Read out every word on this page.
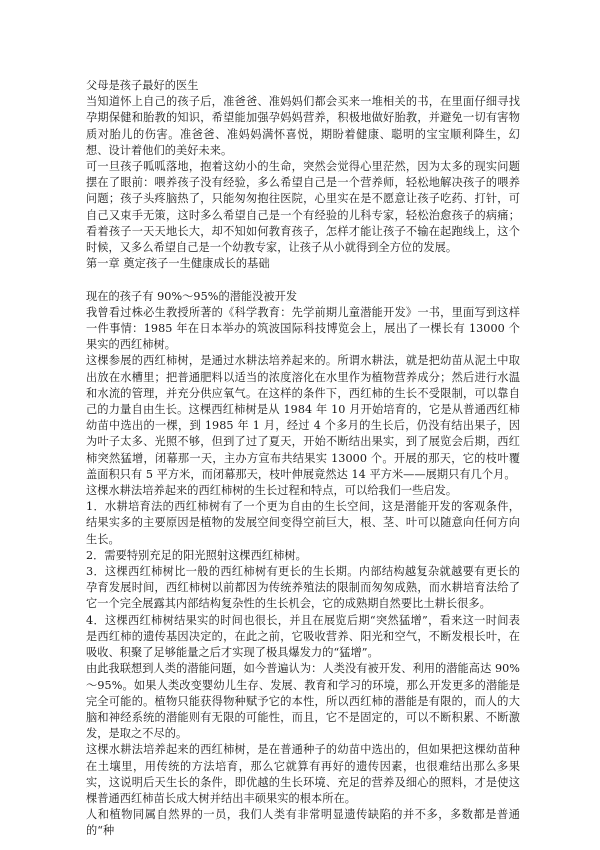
父母是孩子最好的医生

当知道怀上自己的孩子后，准爸爸、准妈妈们都会买来一堆相关的书，在里面仔细寻找孕期保健和胎教的知识，希望能加强孕妈妈营养，积极地做好胎教，并避免一切有害物质对胎儿的伤害。准爸爸、准妈妈满怀喜悦，期盼着健康、聪明的宝宝顺利降生，幻想、设计着他们的美好未来。

可一旦孩子呱呱落地，抱着这幼小的生命，突然会觉得心里茫然，因为太多的现实问题摆在了眼前：喂养孩子没有经验，多么希望自己是一个营养师，轻松地解决孩子的喂养问题；孩子头疼脑热了，只能匆匆抱往医院，心里实在是不愿意让孩子吃药、打针，可自己又束手无策，这时多么希望自己是一个有经验的儿科专家，轻松治愈孩子的病痛；看着孩子一天天地长大，却不知如何教育孩子，怎样才能让孩子不输在起跑线上，这个时候，又多么希望自己是一个幼教专家，让孩子从小就得到全方位的发展。

第一章 奠定孩子一生健康成长的基础

现在的孩子有 90%～95%的潜能没被开发

我曾看过株必生教授所著的《科学教育：先学前期儿童潜能开发》一书，里面写到这样一件事情：1985 年在日本举办的筑波国际科技博览会上，展出了一棵长有 13000 个果实的西红柿树。

这棵参展的西红柿树，是通过水耕法培养起来的。所谓水耕法，就是把幼苗从泥土中取出放在水槽里；把普通肥料以适当的浓度溶化在水里作为植物营养成分；然后进行水温和水流的管理，并充分供应氧气。在这样的条件下，西红柿的生长不受限制，可以靠自己的力量自由生长。这棵西红柿树是从 1984 年 10 月开始培育的，它是从普通西红柿幼苗中选出的一棵，到 1985 年 1 月，经过 4 个多月的生长后，仍没有结出果子，因为叶子太多、光照不够，但到了过了夏天，开始不断结出果实，到了展览会后期，西红柿突然猛增，闭幕那一天，主办方宣布共结果实 13000 个。开展的那天，它的枝叶覆盖面积只有 5 平方米，而闭幕那天，枝叶伸展竟然达 14 平方米——展期只有几个月。

这棵水耕法培养起来的西红柿树的生长过程和特点，可以给我们一些启发。

1．水耕培育法的西红柿树有了一个更为自由的生长空间，这是潜能开发的客观条件，结果实多的主要原因是植物的发展空间变得空前巨大，根、茎、叶可以随意向任何方向生长。

2．需要特别充足的阳光照射这棵西红柿树。

3．这棵西红柿树比一般的西红柿树有更长的生长期。内部结构越复杂就越要有更长的孕育发展时间，西红柿树以前都因为传统养殖法的限制而匆匆成熟，而水耕培育法给了它一个完全展露其内部结构复杂性的生长机会，它的成熟期自然要比土耕长很多。

4．这棵西红柿树结果实的时间也很长，并且在展览后期“突然猛增”，看来这一时间表是西红柿的遗传基因决定的，在此之前，它吸收营养、阳光和空气，不断发根长叶，在吸收、积聚了足够能量之后才实现了极具爆发力的“猛增”。

由此我联想到人类的潜能问题，如今普遍认为：人类没有被开发、利用的潜能高达 90%～95%。如果人类改变婴幼儿生存、发展、教育和学习的环境，那么开发更多的潜能是完全可能的。植物只能获得物种赋予它的本性，所以西红柿的潜能是有限的，而人的大脑和神经系统的潜能则有无限的可能性，而且，它不是固定的，可以不断积累、不断激发，是取之不尽的。

这棵水耕法培养起来的西红柿树，是在普通种子的幼苗中选出的，但如果把这棵幼苗种在土壤里，用传统的方法培育，那么它就算有再好的遗传因素，也很难结出那么多果实，这说明后天生长的条件，即优越的生长环境、充足的营养及细心的照料，才是使这棵普通西红柿苗长成大树并结出丰硕果实的根本所在。

人和植物同属自然界的一员，我们人类有非常明显遗传缺陷的并不多，多数都是普通的“种
